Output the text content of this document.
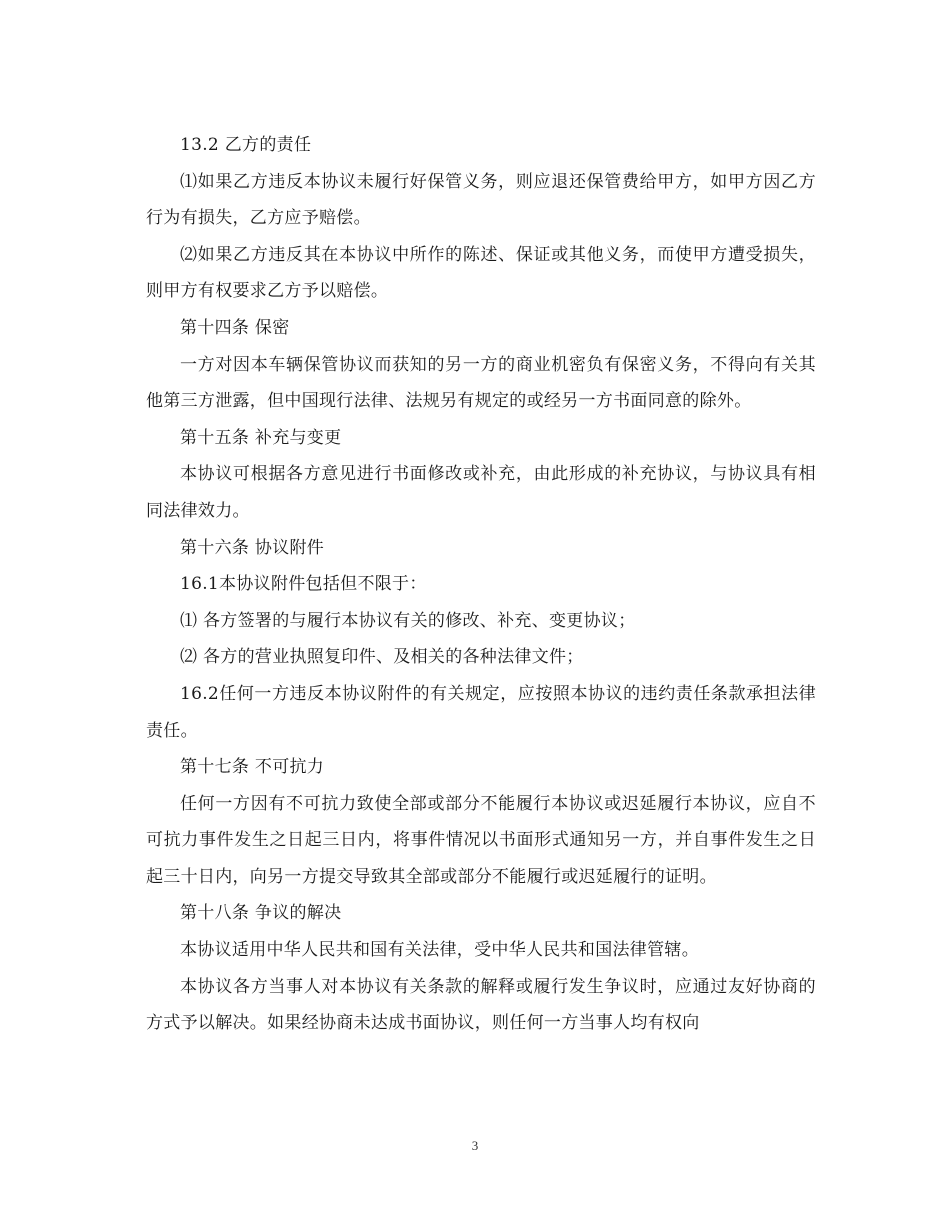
13.2 乙方的责任

⑴如果乙方违反本协议未履行好保管义务，则应退还保管费给甲方，如甲方因乙方行为有损失，乙方应予赔偿。

⑵如果乙方违反其在本协议中所作的陈述、保证或其他义务，而使甲方遭受损失，则甲方有权要求乙方予以赔偿。

第十四条 保密

一方对因本车辆保管协议而获知的另一方的商业机密负有保密义务，不得向有关其他第三方泄露，但中国现行法律、法规另有规定的或经另一方书面同意的除外。

第十五条 补充与变更

本协议可根据各方意见进行书面修改或补充，由此形成的补充协议，与协议具有相同法律效力。

第十六条 协议附件

16.1本协议附件包括但不限于：

⑴ 各方签署的与履行本协议有关的修改、补充、变更协议；

⑵ 各方的营业执照复印件、及相关的各种法律文件；

16.2任何一方违反本协议附件的有关规定，应按照本协议的违约责任条款承担法律责任。

第十七条 不可抗力

任何一方因有不可抗力致使全部或部分不能履行本协议或迟延履行本协议，应自不可抗力事件发生之日起三日内，将事件情况以书面形式通知另一方，并自事件发生之日起三十日内，向另一方提交导致其全部或部分不能履行或迟延履行的证明。

第十八条 争议的解决

本协议适用中华人民共和国有关法律，受中华人民共和国法律管辖。

本协议各方当事人对本协议有关条款的解释或履行发生争议时，应通过友好协商的方式予以解决。如果经协商未达成书面协议，则任何一方当事人均有权向

3
